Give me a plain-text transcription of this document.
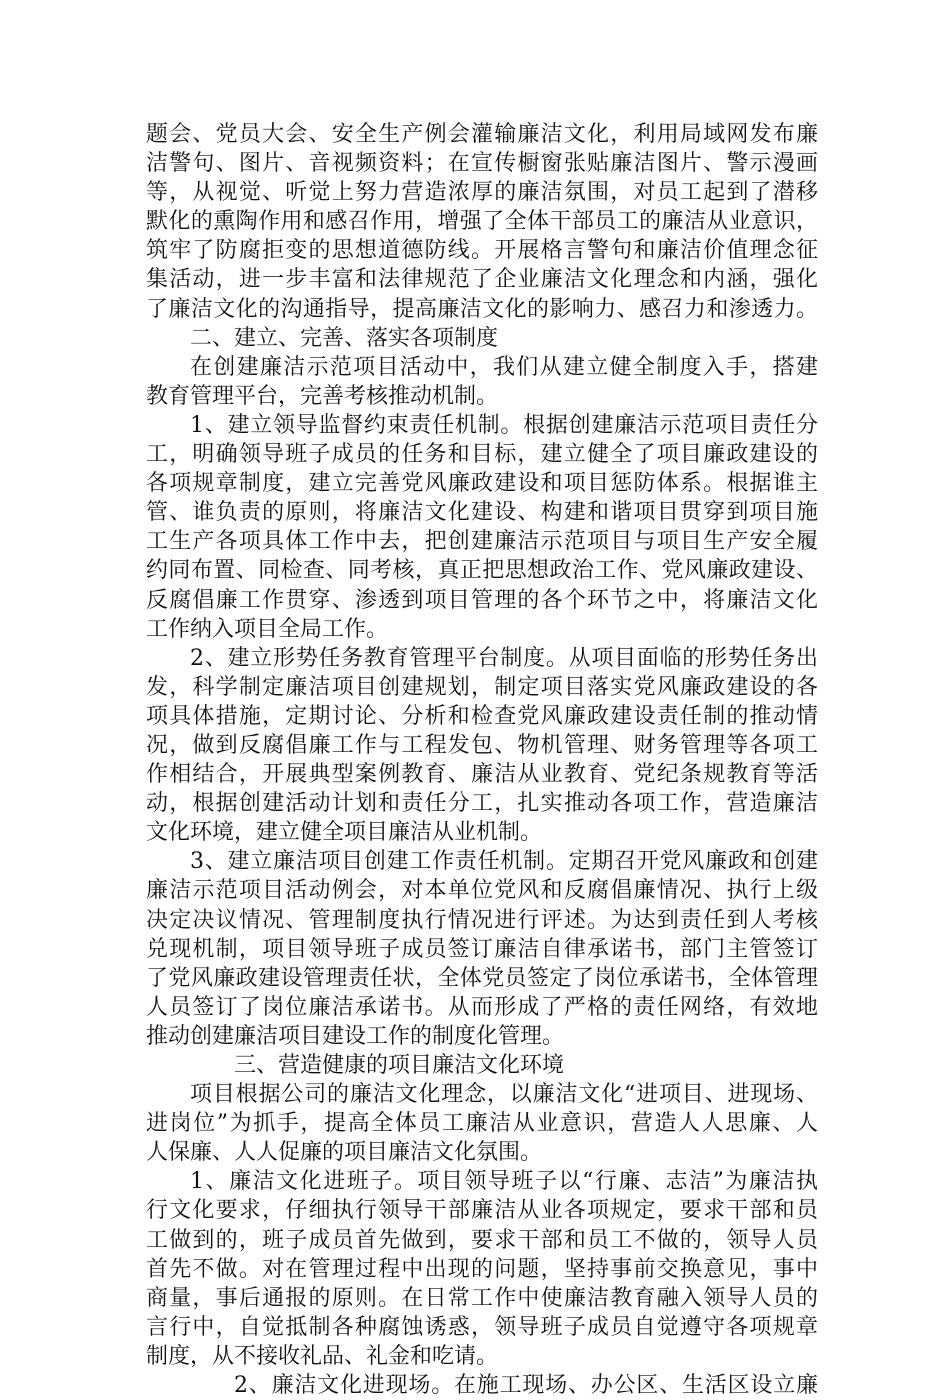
题会、党员大会、安全生产例会灌输廉洁文化，利用局域网发布廉
洁警句、图片、音视频资料；在宣传橱窗张贴廉洁图片、警示漫画
等，从视觉、听觉上努力营造浓厚的廉洁氛围，对员工起到了潜移
默化的熏陶作用和感召作用，增强了全体干部员工的廉洁从业意识，
筑牢了防腐拒变的思想道德防线。开展格言警句和廉洁价值理念征
集活动，进一步丰富和法律规范了企业廉洁文化理念和内涵，强化
了廉洁文化的沟通指导，提高廉洁文化的影响力、感召力和渗透力。
二、建立、完善、落实各项制度
在创建廉洁示范项目活动中，我们从建立健全制度入手，搭建
教育管理平台，完善考核推动机制。
1、建立领导监督约束责任机制。根据创建廉洁示范项目责任分
工，明确领导班子成员的任务和目标，建立健全了项目廉政建设的
各项规章制度，建立完善党风廉政建设和项目惩防体系。根据谁主
管、谁负责的原则，将廉洁文化建设、构建和谐项目贯穿到项目施
工生产各项具体工作中去，把创建廉洁示范项目与项目生产安全履
约同布置、同检查、同考核，真正把思想政治工作、党风廉政建设、
反腐倡廉工作贯穿、渗透到项目管理的各个环节之中，将廉洁文化
工作纳入项目全局工作。
2、建立形势任务教育管理平台制度。从项目面临的形势任务出
发，科学制定廉洁项目创建规划，制定项目落实党风廉政建设的各
项具体措施，定期讨论、分析和检查党风廉政建设责任制的推动情
况，做到反腐倡廉工作与工程发包、物机管理、财务管理等各项工
作相结合，开展典型案例教育、廉洁从业教育、党纪条规教育等活
动，根据创建活动计划和责任分工，扎实推动各项工作，营造廉洁
文化环境，建立健全项目廉洁从业机制。
3、建立廉洁项目创建工作责任机制。定期召开党风廉政和创建
廉洁示范项目活动例会，对本单位党风和反腐倡廉情况、执行上级
决定决议情况、管理制度执行情况进行评述。为达到责任到人考核
兑现机制，项目领导班子成员签订廉洁自律承诺书，部门主管签订
了党风廉政建设管理责任状，全体党员签定了岗位承诺书，全体管理
人员签订了岗位廉洁承诺书。从而形成了严格的责任网络，有效地
推动创建廉洁项目建设工作的制度化管理。
三、营造健康的项目廉洁文化环境
项目根据公司的廉洁文化理念，以廉洁文化“进项目、进现场、
进岗位”为抓手，提高全体员工廉洁从业意识，营造人人思廉、人
人保廉、人人促廉的项目廉洁文化氛围。
1、廉洁文化进班子。项目领导班子以“行廉、志洁”为廉洁执
行文化要求，仔细执行领导干部廉洁从业各项规定，要求干部和员
工做到的，班子成员首先做到，要求干部和员工不做的，领导人员
首先不做。对在管理过程中出现的问题，坚持事前交换意见，事中
商量，事后通报的原则。在日常工作中使廉洁教育融入领导人员的
言行中，自觉抵制各种腐蚀诱惑，领导班子成员自觉遵守各项规章
制度，从不接收礼品、礼金和吃请。
2、廉洁文化进现场。在施工现场、办公区、生活区设立廉
